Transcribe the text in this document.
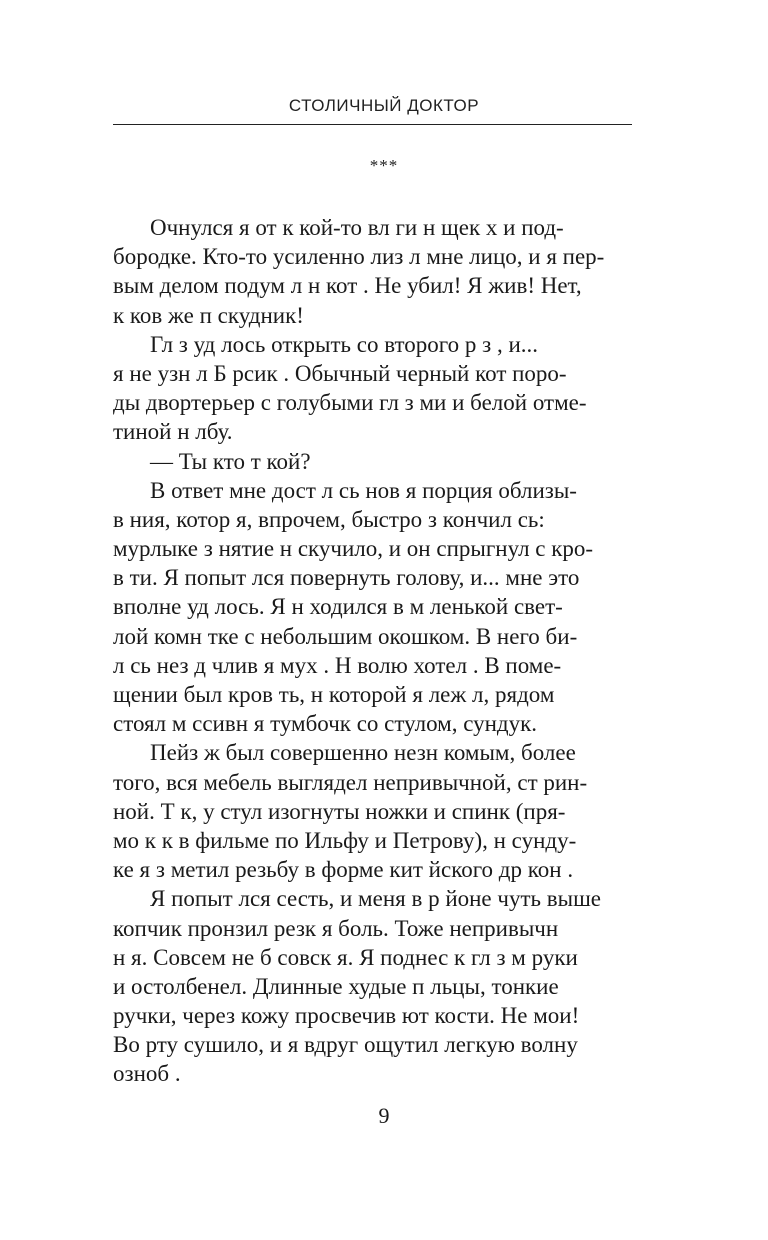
СТОЛИЧНЫЙ ДОКТОР
***
Очнулся я от к кой-то вл ги н щек х и под-
бородке. Кто-то усиленно лиз л мне лицо, и я пер-
вым делом подум л н кот . Не убил! Я жив! Нет,
к ков же п скудник!
Гл з уд лось открыть со второго р з , и...
я не узн л Б рсик . Обычный черный кот поро-
ды двортерьер с голубыми гл з ми и белой отме-
тиной н лбу.
— Ты кто т кой?
В ответ мне дост л сь нов я порция облизы-
в ния, котор я, впрочем, быстро з кончил сь:
мурлыке з нятие н скучило, и он спрыгнул с кро-
в ти. Я попыт лся повернуть голову, и... мне это
вполне уд лось. Я н ходился в м ленькой свет-
лой комн тке с небольшим окошком. В него би-
л сь нез д члив я мух . Н волю хотел . В поме-
щении был кров ть, н которой я леж л, рядом
стоял м ссивн я тумбочк со стулом, сундук.
Пейз ж был совершенно незн комым, более
того, вся мебель выглядел непривычной, ст рин-
ной. Т к, у стул изогнуты ножки и спинк (пря-
мо к к в фильме по Ильфу и Петрову), н сунду-
ке я з метил резьбу в форме кит йского др кон .
Я попыт лся сесть, и меня в р йоне чуть выше
копчик пронзил резк я боль. Тоже непривычн
н я. Совсем не б совск я. Я поднес к гл з м руки
и остолбенел. Длинные худые п льцы, тонкие
ручки, через кожу просвечив ют кости. Не мои!
Во рту сушило, и я вдруг ощутил легкую волну
озноб .
9
